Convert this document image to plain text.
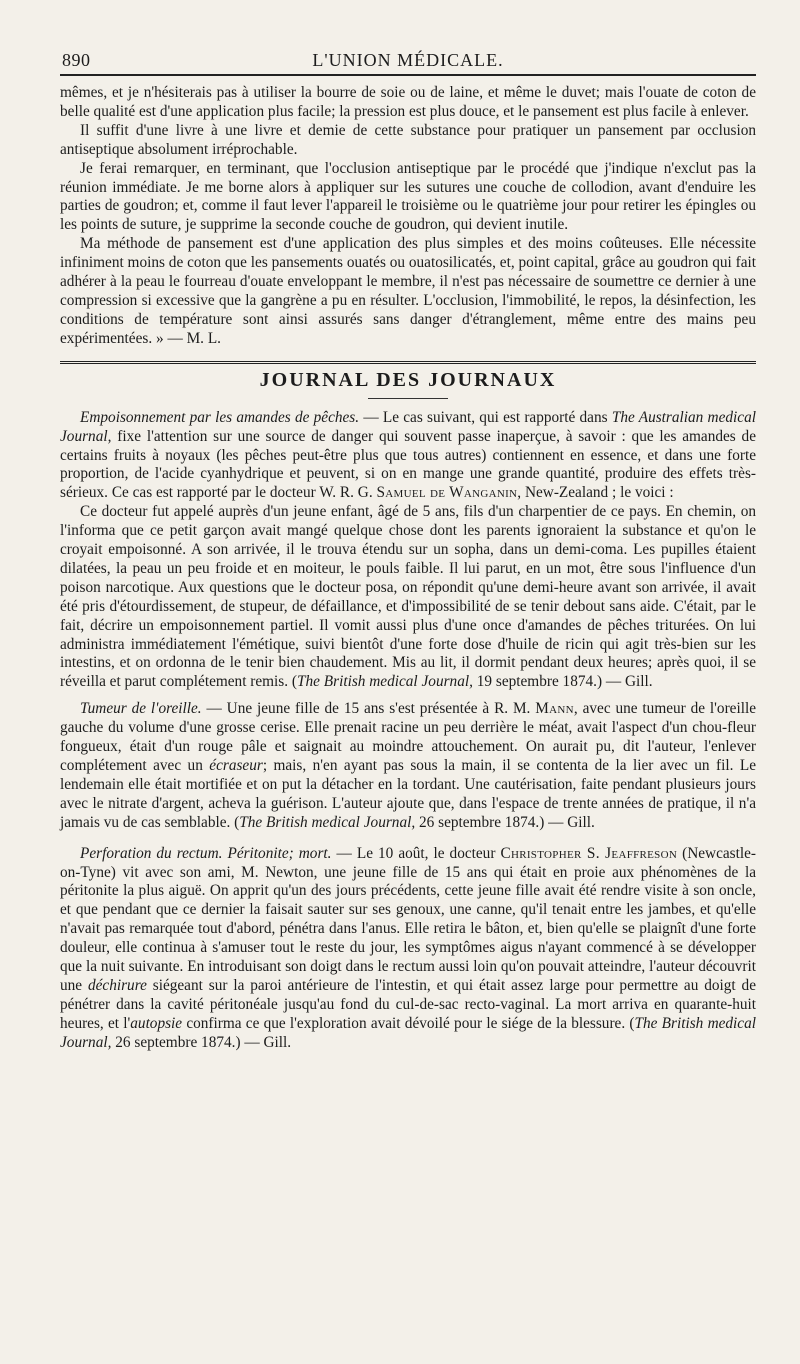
890	L'UNION MÉDICALE.

mêmes, et je n'hésiterais pas à utiliser la bourre de soie ou de laine, et même le duvet; mais l'ouate de coton de belle qualité est d'une application plus facile; la pression est plus douce, et le pansement est plus facile à enlever.

Il suffit d'une livre à une livre et demie de cette substance pour pratiquer un pansement par occlusion antiseptique absolument irréprochable.

Je ferai remarquer, en terminant, que l'occlusion antiseptique par le procédé que j'indique n'exclut pas la réunion immédiate. Je me borne alors à appliquer sur les sutures une couche de collodion, avant d'enduire les parties de goudron; et, comme il faut lever l'appareil le troisième ou le quatrième jour pour retirer les épingles ou les points de suture, je supprime la seconde couche de goudron, qui devient inutile.

Ma méthode de pansement est d'une application des plus simples et des moins coûteuses. Elle nécessite infiniment moins de coton que les pansements ouatés ou ouatosilicatés, et, point capital, grâce au goudron qui fait adhérer à la peau le fourreau d'ouate enveloppant le membre, il n'est pas nécessaire de soumettre ce dernier à une compression si excessive que la gangrène a pu en résulter. L'occlusion, l'immobilité, le repos, la désinfection, les conditions de température sont ainsi assurés sans danger d'étranglement, même entre des mains peu expérimentées. » — M. L.

JOURNAL DES JOURNAUX

Empoisonnement par les amandes de pêches. — Le cas suivant, qui est rapporté dans The Australian medical Journal, fixe l'attention sur une source de danger qui souvent passe inaperçue, à savoir : que les amandes de certains fruits à noyaux (les pêches peut-être plus que tous autres) contiennent en essence, et dans une forte proportion, de l'acide cyanhydrique et peuvent, si on en mange une grande quantité, produire des effets très-sérieux. Ce cas est rapporté par le docteur W. R. G. Samuel de Wanganin, New-Zealand ; le voici :

Ce docteur fut appelé auprès d'un jeune enfant, âgé de 5 ans, fils d'un charpentier de ce pays. En chemin, on l'informa que ce petit garçon avait mangé quelque chose dont les parents ignoraient la substance et qu'on le croyait empoisonné. A son arrivée, il le trouva étendu sur un sopha, dans un demi-coma. Les pupilles étaient dilatées, la peau un peu froide et en moiteur, le pouls faible. Il lui parut, en un mot, être sous l'influence d'un poison narcotique. Aux questions que le docteur posa, on répondit qu'une demi-heure avant son arrivée, il avait été pris d'étourdissement, de stupeur, de défaillance, et d'impossibilité de se tenir debout sans aide. C'était, par le fait, décrire un empoisonnement partiel. Il vomit aussi plus d'une once d'amandes de pêches triturées. On lui administra immédiatement l'émétique, suivi bientôt d'une forte dose d'huile de ricin qui agit très-bien sur les intestins, et on ordonna de le tenir bien chaudement. Mis au lit, il dormit pendant deux heures; après quoi, il se réveilla et parut complétement remis. (The British medical Journal, 19 septembre 1874.) — Gill.

Tumeur de l'oreille. — Une jeune fille de 15 ans s'est présentée à R. M. Mann, avec une tumeur de l'oreille gauche du volume d'une grosse cerise. Elle prenait racine un peu derrière le méat, avait l'aspect d'un chou-fleur fongueux, était d'un rouge pâle et saignait au moindre attouchement. On aurait pu, dit l'auteur, l'enlever complétement avec un écraseur; mais, n'en ayant pas sous la main, il se contenta de la lier avec un fil. Le lendemain elle était mortifiée et on put la détacher en la tordant. Une cautérisation, faite pendant plusieurs jours avec le nitrate d'argent, acheva la guérison. L'auteur ajoute que, dans l'espace de trente années de pratique, il n'a jamais vu de cas semblable. (The British medical Journal, 26 septembre 1874.) — Gill.

Perforation du rectum. Péritonite; mort. — Le 10 août, le docteur Christopher S. Jeaffreson (Newcastle-on-Tyne) vit avec son ami, M. Newton, une jeune fille de 15 ans qui était en proie aux phénomènes de la péritonite la plus aiguë. On apprit qu'un des jours précédents, cette jeune fille avait été rendre visite à son oncle, et que pendant que ce dernier la faisait sauter sur ses genoux, une canne, qu'il tenait entre les jambes, et qu'elle n'avait pas remarquée tout d'abord, pénétra dans l'anus. Elle retira le bâton, et, bien qu'elle se plaignît d'une forte douleur, elle continua à s'amuser tout le reste du jour, les symptômes aigus n'ayant commencé à se développer que la nuit suivante. En introduisant son doigt dans le rectum aussi loin qu'on pouvait atteindre, l'auteur découvrit une déchirure siégeant sur la paroi antérieure de l'intestin, et qui était assez large pour permettre au doigt de pénétrer dans la cavité péritonéale jusqu'au fond du cul-de-sac recto-vaginal. La mort arriva en quarante-huit heures, et l'autopsie confirma ce que l'exploration avait dévoilé pour le siége de la blessure. (The British medical Journal, 26 septembre 1874.) — Gill.
